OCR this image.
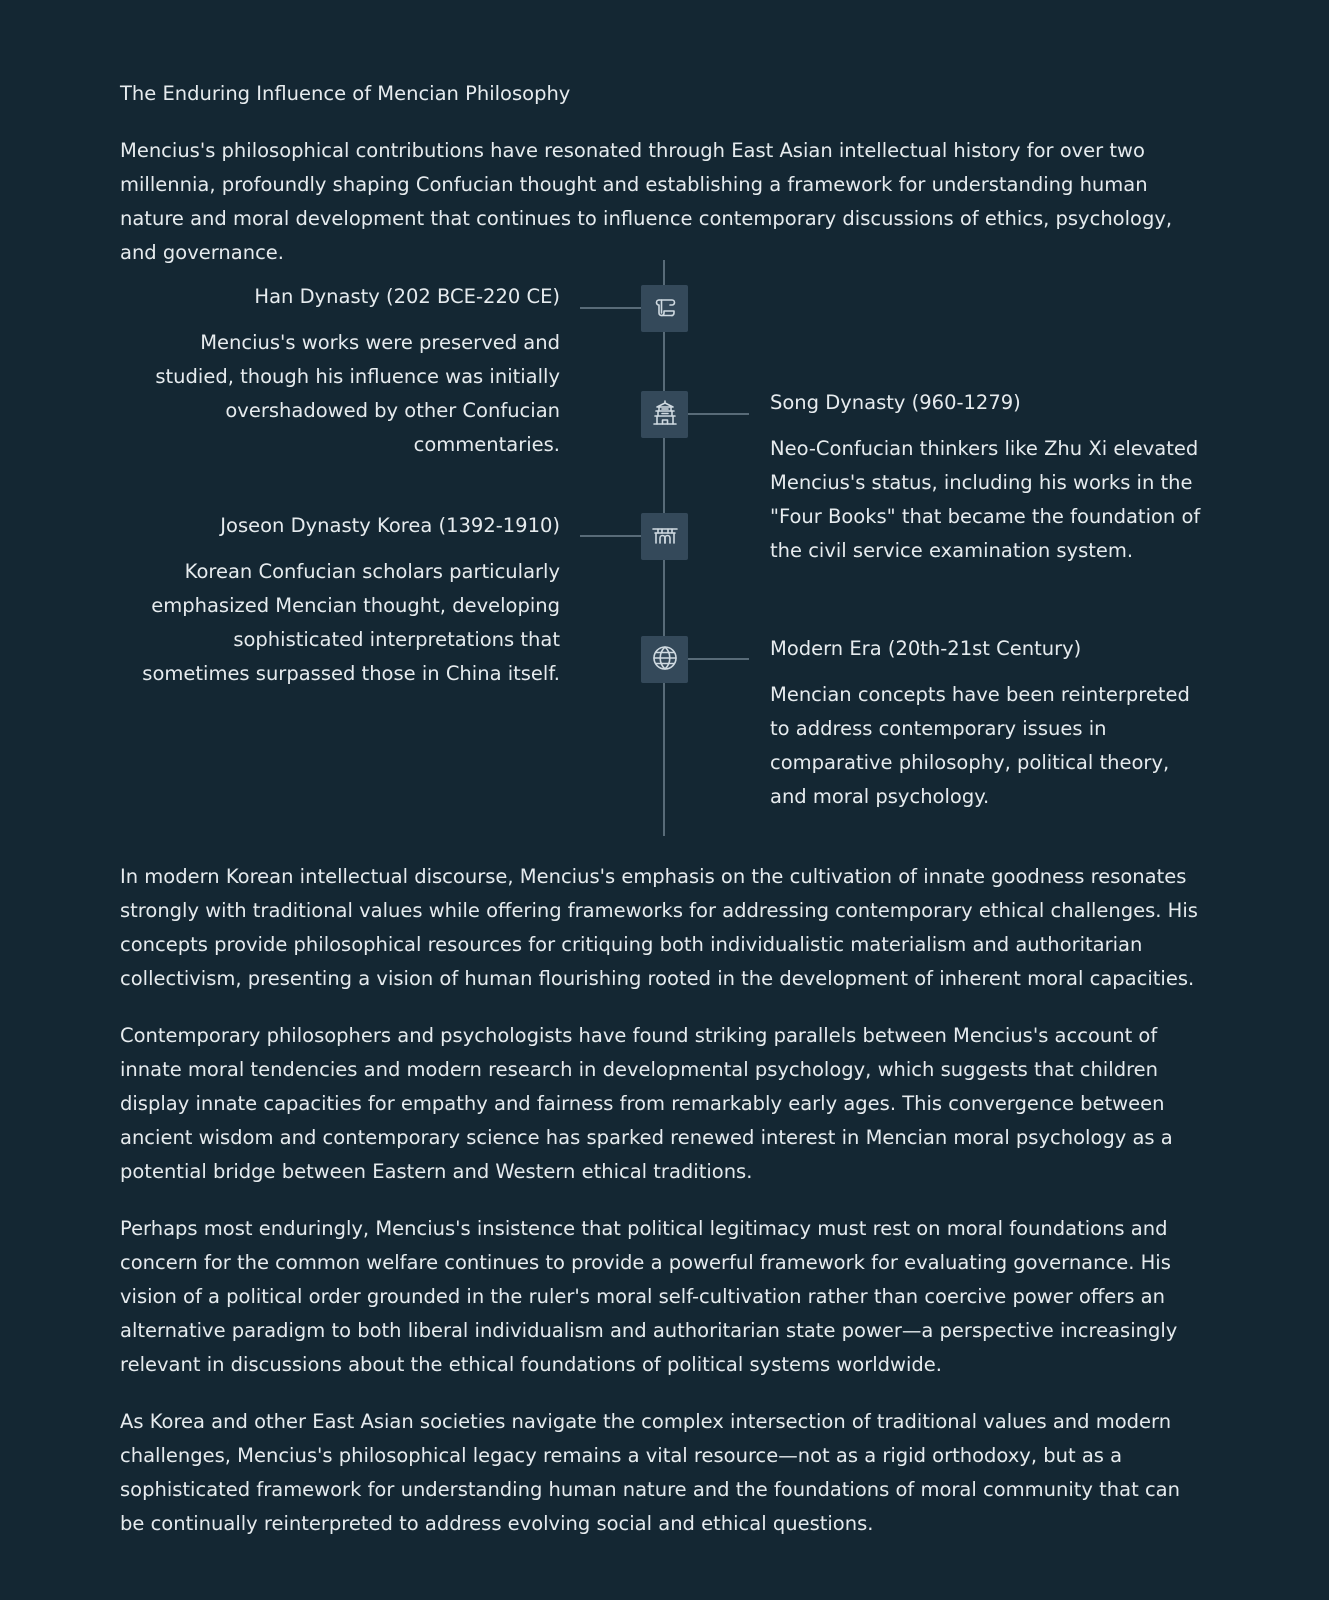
The Enduring Influence of Mencian Philosophy

Mencius's philosophical contributions have resonated through East Asian intellectual history for over two millennia, profoundly shaping Confucian thought and establishing a framework for understanding human nature and moral development that continues to influence contemporary discussions of ethics, psychology, and governance.

Han Dynasty (202 BCE-220 CE)

Mencius's works were preserved and studied, though his influence was initially overshadowed by other Confucian commentaries.

Song Dynasty (960-1279)

Neo-Confucian thinkers like Zhu Xi elevated Mencius's status, including his works in the "Four Books" that became the foundation of the civil service examination system.

Joseon Dynasty Korea (1392-1910)

Korean Confucian scholars particularly emphasized Mencian thought, developing sophisticated interpretations that sometimes surpassed those in China itself.

Modern Era (20th-21st Century)

Mencian concepts have been reinterpreted to address contemporary issues in comparative philosophy, political theory, and moral psychology.

In modern Korean intellectual discourse, Mencius's emphasis on the cultivation of innate goodness resonates strongly with traditional values while offering frameworks for addressing contemporary ethical challenges. His concepts provide philosophical resources for critiquing both individualistic materialism and authoritarian collectivism, presenting a vision of human flourishing rooted in the development of inherent moral capacities.

Contemporary philosophers and psychologists have found striking parallels between Mencius's account of innate moral tendencies and modern research in developmental psychology, which suggests that children display innate capacities for empathy and fairness from remarkably early ages. This convergence between ancient wisdom and contemporary science has sparked renewed interest in Mencian moral psychology as a potential bridge between Eastern and Western ethical traditions.

Perhaps most enduringly, Mencius's insistence that political legitimacy must rest on moral foundations and concern for the common welfare continues to provide a powerful framework for evaluating governance. His vision of a political order grounded in the ruler's moral self-cultivation rather than coercive power offers an alternative paradigm to both liberal individualism and authoritarian state power—a perspective increasingly relevant in discussions about the ethical foundations of political systems worldwide.

As Korea and other East Asian societies navigate the complex intersection of traditional values and modern challenges, Mencius's philosophical legacy remains a vital resource—not as a rigid orthodoxy, but as a sophisticated framework for understanding human nature and the foundations of moral community that can be continually reinterpreted to address evolving social and ethical questions.
